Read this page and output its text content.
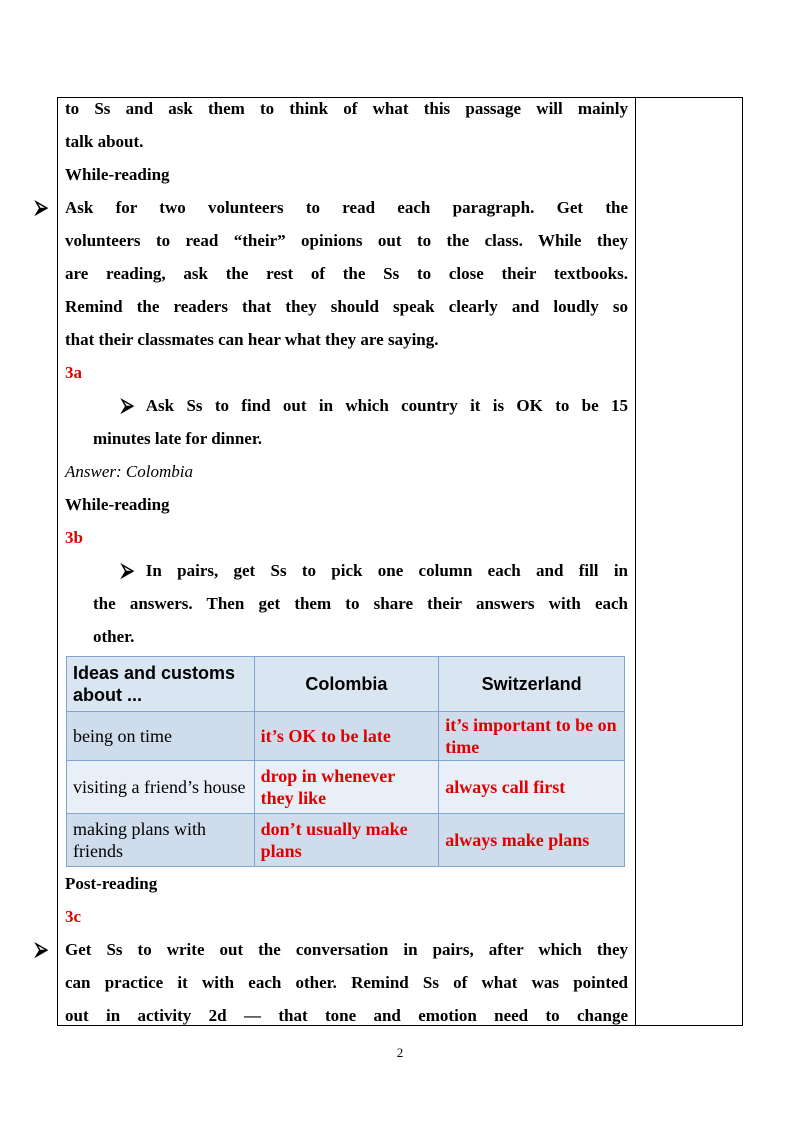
to Ss and ask them to think of what this passage will mainly
talk about.
While-reading
⮚ Ask for two volunteers to read each paragraph. Get the
volunteers to read “their” opinions out to the class. While they
are reading, ask the rest of the Ss to close their textbooks.
Remind the readers that they should speak clearly and loudly so
that their classmates can hear what they are saying.
3a
⮚ Ask Ss to find out in which country it is OK to be 15
minutes late for dinner.
Answer: Colombia
While-reading
3b
⮚ In pairs, get Ss to pick one column each and fill in
the answers. Then get them to share their answers with each
other.
Post-reading
3c
⮚ Get Ss to write out the conversation in pairs, after which they
can practice it with each other. Remind Ss of what was pointed
out in activity 2d — that tone and emotion need to change
Ideas and customs about ...	Colombia	Switzerland
being on time	it’s OK to be late	it’s important to be on time
visiting a friend’s house	drop in whenever they like	always call first
making plans with friends	don’t usually make plans	always make plans
2
